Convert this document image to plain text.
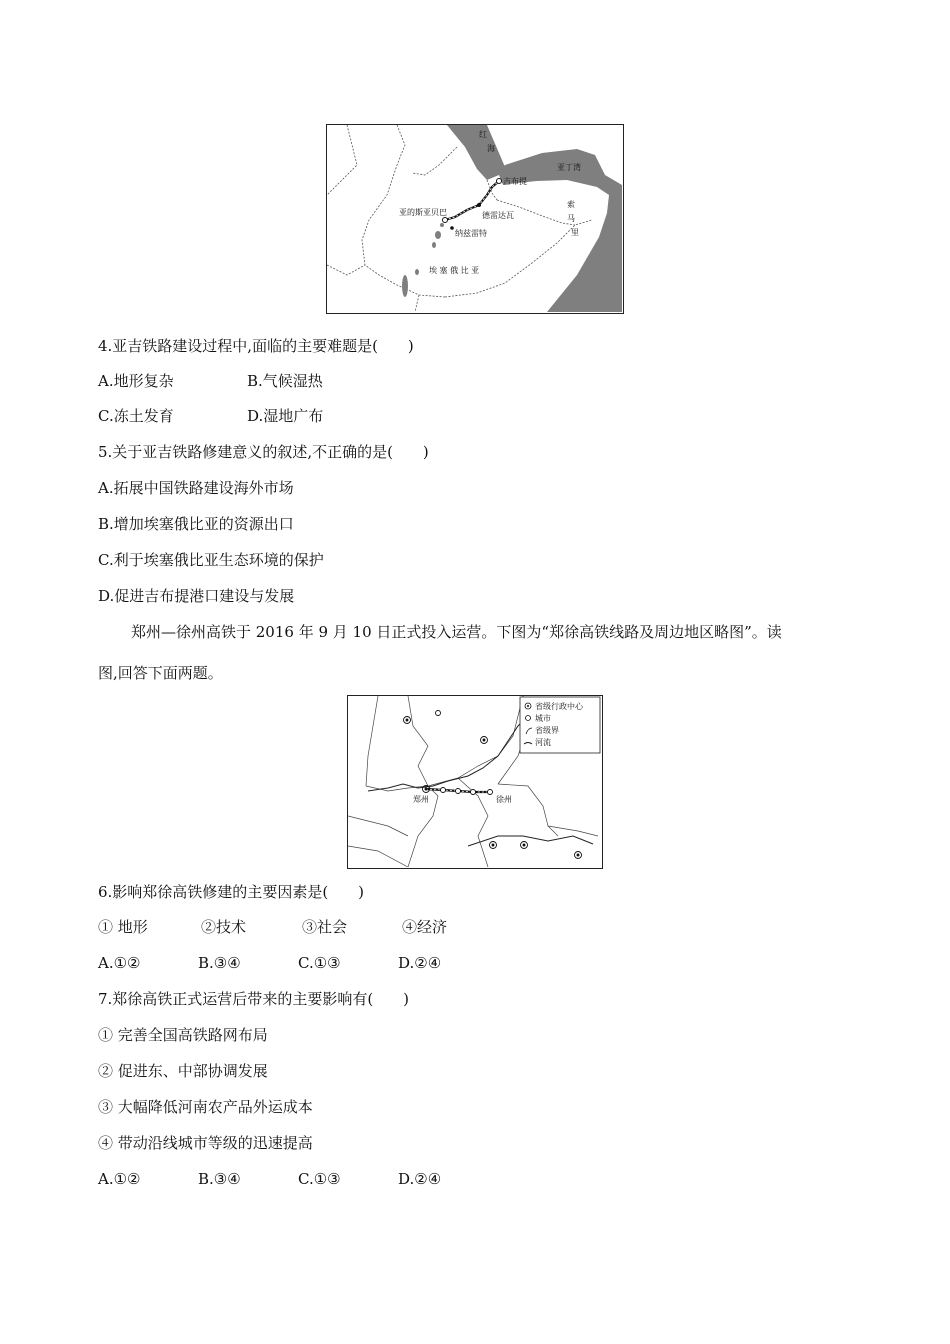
红海
亚丁湾
吉布提
亚的斯亚贝巴	德雷达瓦
纳兹雷特
埃 塞 俄 比 亚
索马里
4.亚吉铁路建设过程中,面临的主要难题是(　　)
A.地形复杂	B.气候湿热
C.冻土发育	D.湿地广布
5.关于亚吉铁路修建意义的叙述,不正确的是(　　)
A.拓展中国铁路建设海外市场
B.增加埃塞俄比亚的资源出口
C.利于埃塞俄比亚生态环境的保护
D.促进吉布提港口建设与发展
郑州—徐州高铁于 2016 年 9 月 10 日正式投入运营。下图为“郑徐高铁线路及周边地区略图”。读
图,回答下面两题。
郑州	徐州
省级行政中心
城市
省级界
河流
6.影响郑徐高铁修建的主要因素是(　　)
① 地形	②技术	③社会	④经济
A.①②	B.③④	C.①③	D.②④
7.郑徐高铁正式运营后带来的主要影响有(　　)
① 完善全国高铁路网布局
② 促进东、中部协调发展
③ 大幅降低河南农产品外运成本
④ 带动沿线城市等级的迅速提高
A.①②	B.③④	C.①③	D.②④
